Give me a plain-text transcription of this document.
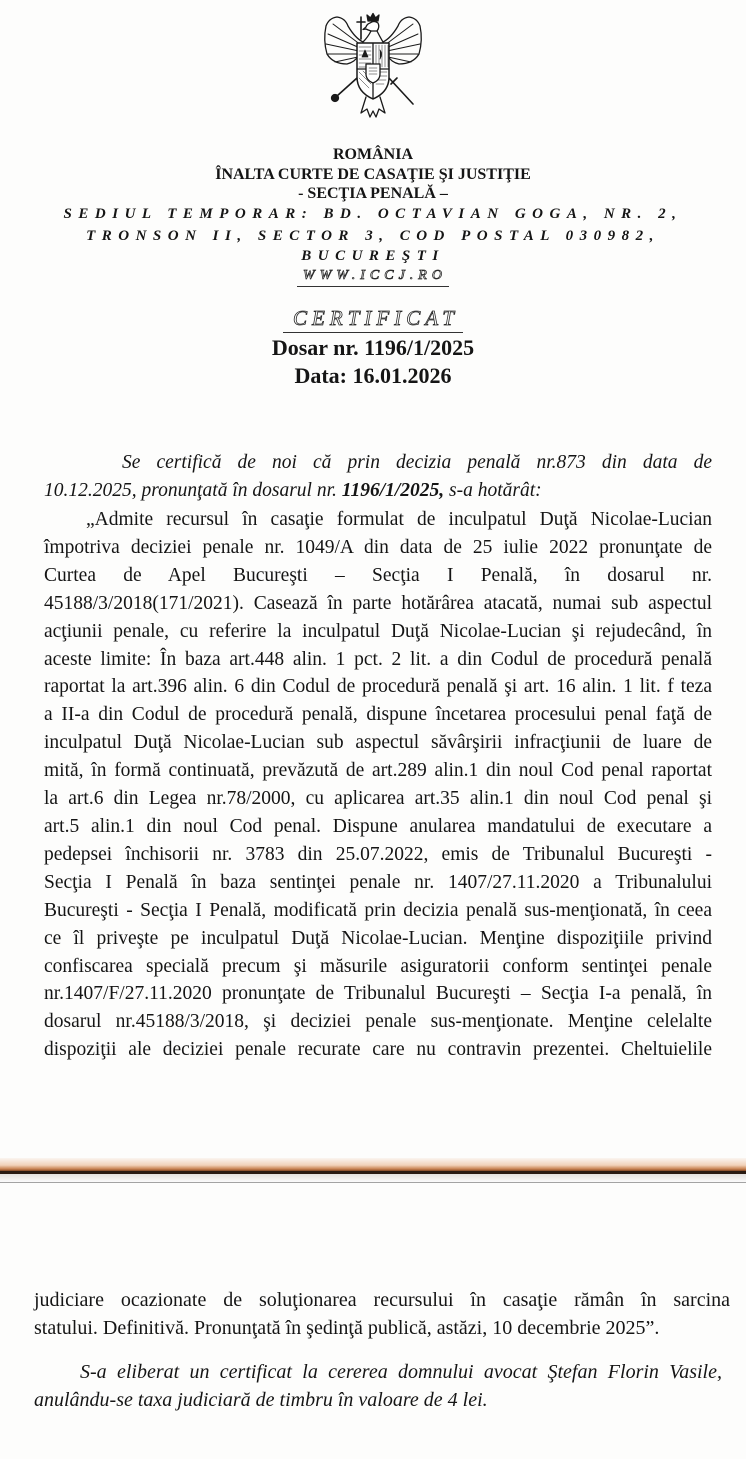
ROMÂNIA
ÎNALTA CURTE DE CASAŢIE ŞI JUSTIŢIE
- SECŢIA PENALĂ –
SEDIUL TEMPORAR: BD. OCTAVIAN GOGA, NR. 2,
TRONSON II, SECTOR 3, COD POSTAL 030982,
BUCUREŞTI
WWW.ICCJ.RO
CERTIFICAT
Dosar nr. 1196/1/2025
Data: 16.01.2026
Se certifică de noi că prin decizia penală nr.873 din data de
10.12.2025, pronunţată în dosarul nr. 1196/1/2025, s-a hotărât:
„Admite recursul în casaţie formulat de inculpatul Duţă Nicolae-Lucian
împotriva deciziei penale nr. 1049/A din data de 25 iulie 2022 pronunţate de
Curtea de Apel Bucureşti – Secţia I Penală, în dosarul nr.
45188/3/2018(171/2021). Casează în parte hotărârea atacată, numai sub aspectul
acţiunii penale, cu referire la inculpatul Duţă Nicolae-Lucian şi rejudecând, în
aceste limite: În baza art.448 alin. 1 pct. 2 lit. a din Codul de procedură penală
raportat la art.396 alin. 6 din Codul de procedură penală şi art. 16 alin. 1 lit. f teza
a II-a din Codul de procedură penală, dispune încetarea procesului penal faţă de
inculpatul Duţă Nicolae-Lucian sub aspectul săvârşirii infracţiunii de luare de
mită, în formă continuată, prevăzută de art.289 alin.1 din noul Cod penal raportat
la art.6 din Legea nr.78/2000, cu aplicarea art.35 alin.1 din noul Cod penal şi
art.5 alin.1 din noul Cod penal. Dispune anularea mandatului de executare a
pedepsei închisorii nr. 3783 din 25.07.2022, emis de Tribunalul Bucureşti -
Secţia I Penală în baza sentinţei penale nr. 1407/27.11.2020 a Tribunalului
Bucureşti - Secţia I Penală, modificată prin decizia penală sus-menţionată, în ceea
ce îl priveşte pe inculpatul Duţă Nicolae-Lucian. Menţine dispoziţiile privind
confiscarea specială precum şi măsurile asiguratorii conform sentinţei penale
nr.1407/F/27.11.2020 pronunţate de Tribunalul Bucureşti – Secţia I-a penală, în
dosarul nr.45188/3/2018, şi deciziei penale sus-menţionate. Menţine celelalte
dispoziţii ale deciziei penale recurate care nu contravin prezentei. Cheltuielile
judiciare ocazionate de soluţionarea recursului în casaţie rămân în sarcina
statului. Definitivă. Pronunţată în şedinţă publică, astăzi, 10 decembrie 2025”.
S-a eliberat un certificat la cererea domnului avocat Ştefan Florin Vasile,
anulându-se taxa judiciară de timbru în valoare de 4 lei.
